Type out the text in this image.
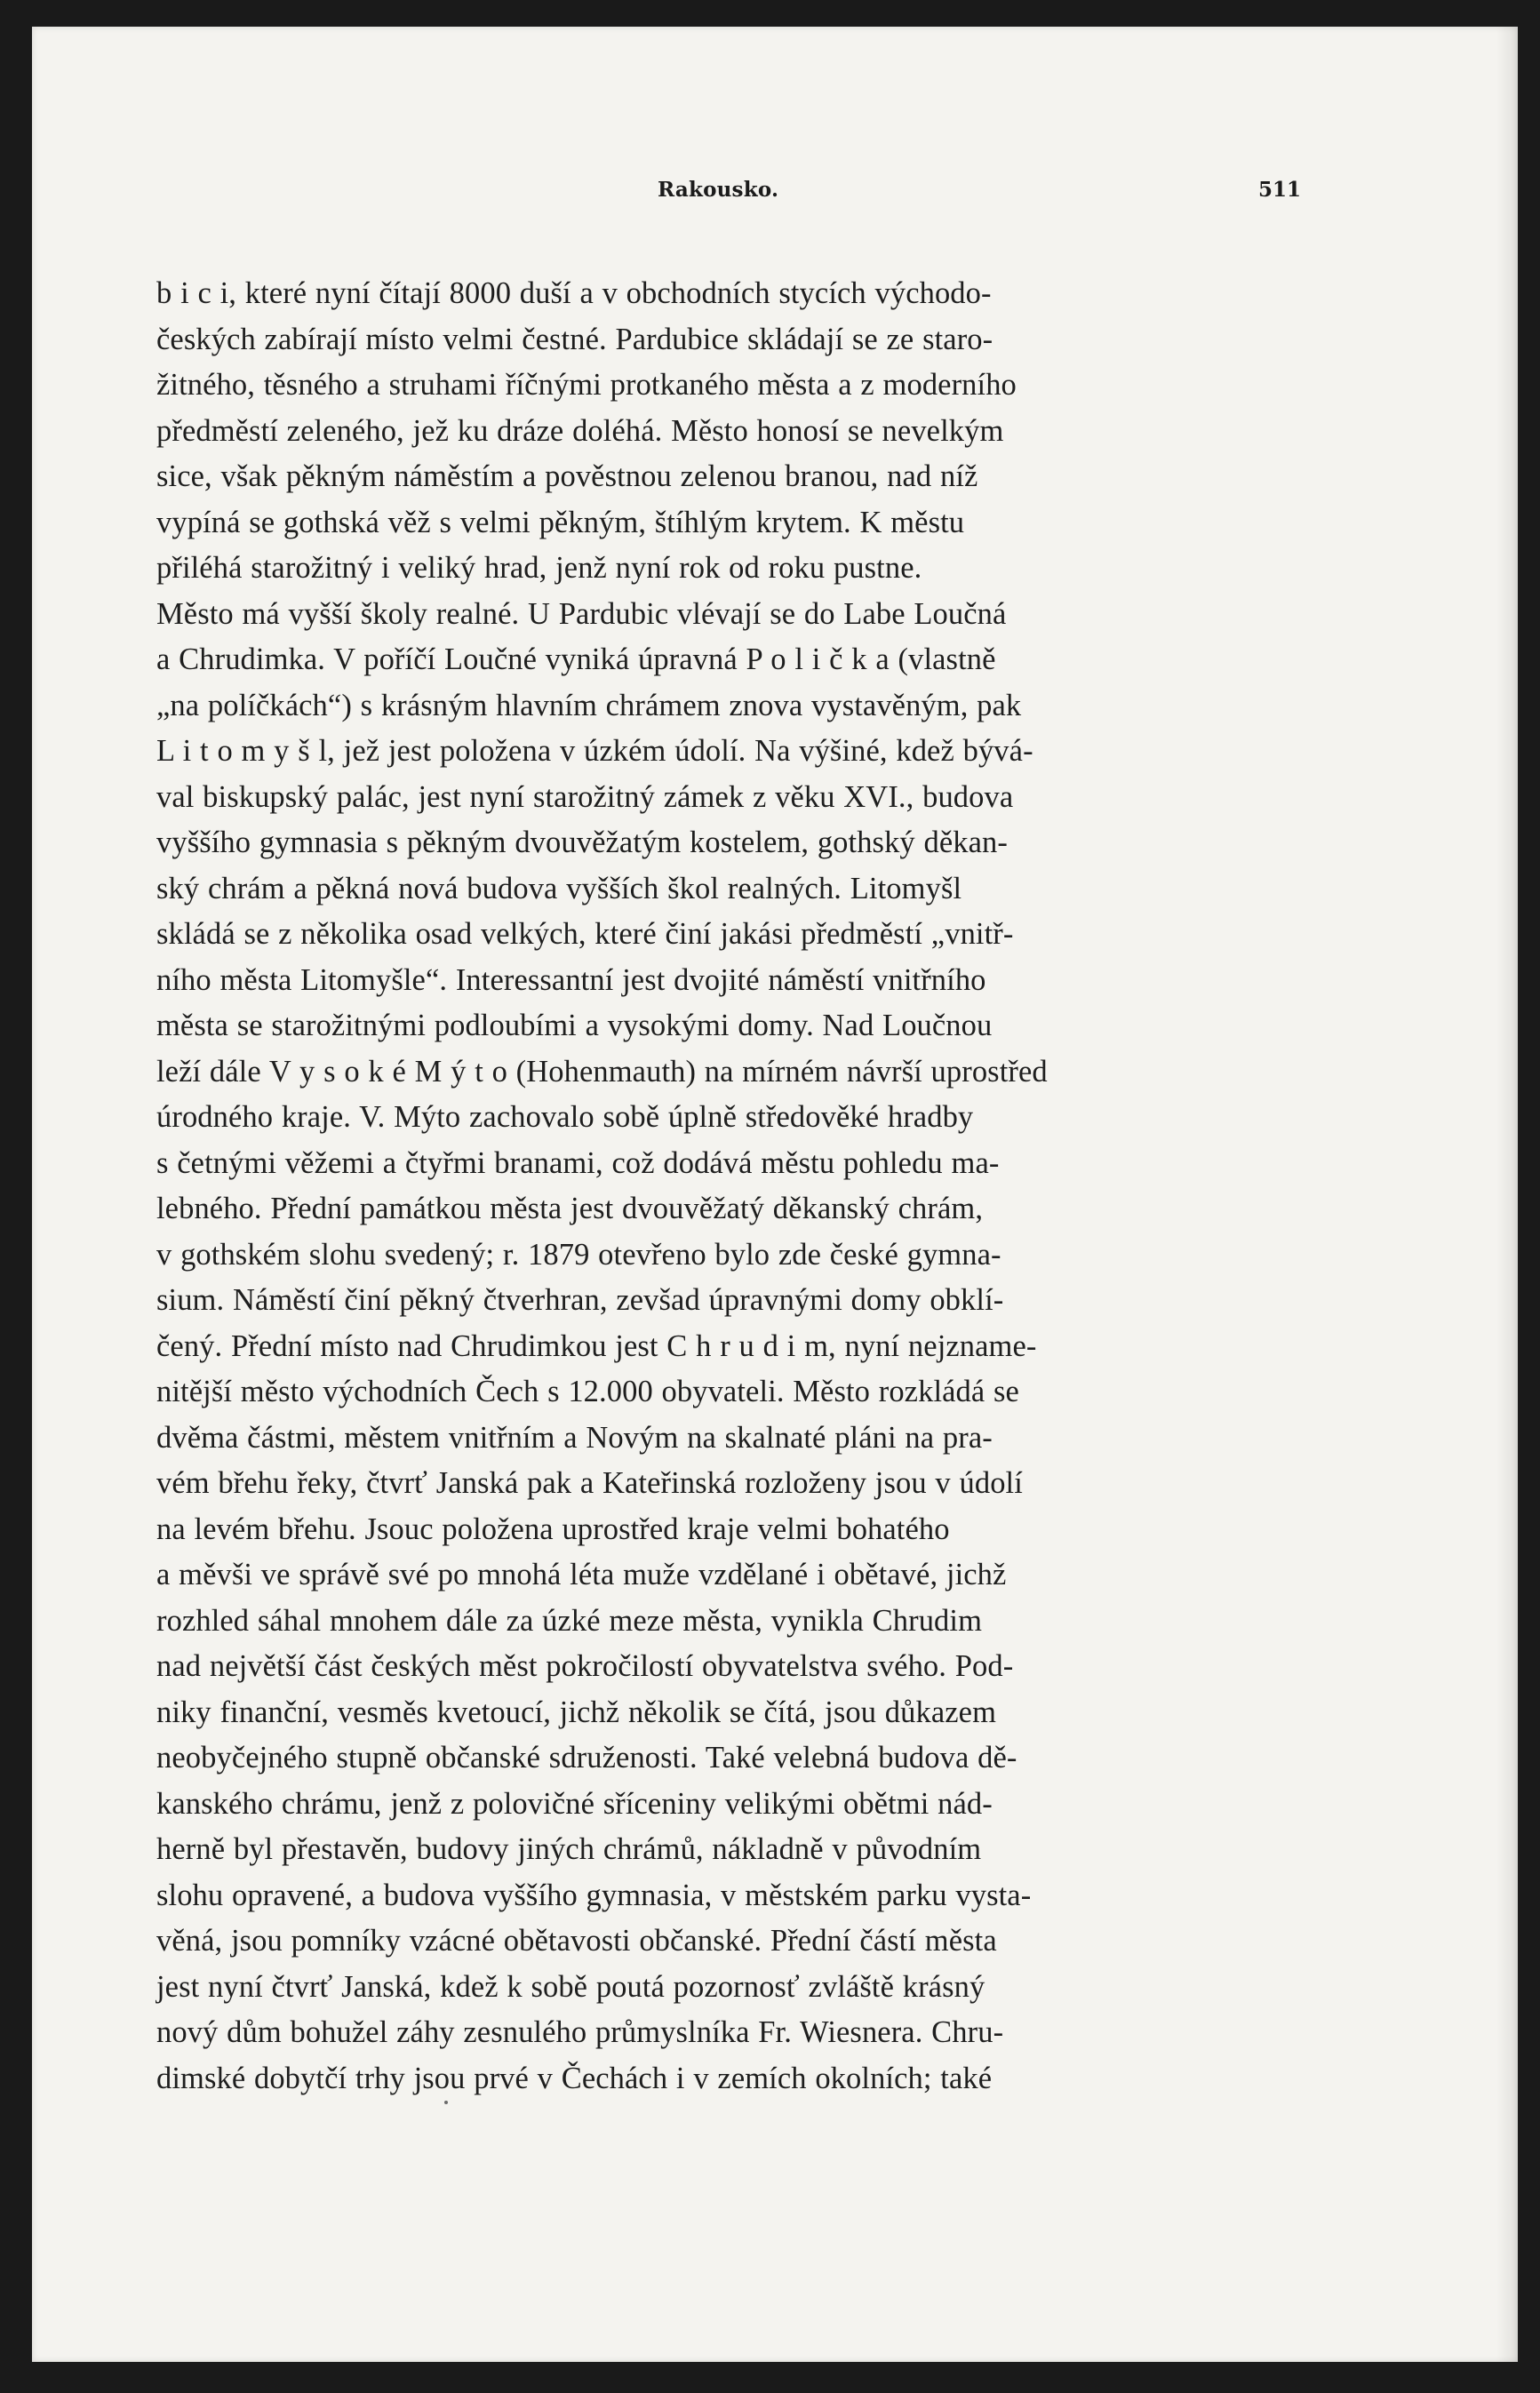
Rakousko.	511
b i c i, které nyní čítají 8000 duší a v obchodních stycích východo-
českých zabírají místo velmi čestné. Pardubice skládají se ze staro-
žitného, těsného a struhami říčnými protkaného města a z moderního
předměstí zeleného, jež ku dráze doléhá. Město honosí se nevelkým
sice, však pěkným náměstím a pověstnou zelenou branou, nad níž
vypíná se gothská věž s velmi pěkným, štíhlým krytem. K městu
přiléhá starožitný i veliký hrad, jenž nyní rok od roku pustne.
Město má vyšší školy realné. U Pardubic vlévají se do Labe Loučná
a Chrudimka. V poříčí Loučné vyniká úpravná P o l i č k a (vlastně
„na políčkách“) s krásným hlavním chrámem znova vystavěným, pak
L i t o m y š l, jež jest položena v úzkém údolí. Na výšiné, kdež bývá-
val biskupský palác, jest nyní starožitný zámek z věku XVI., budova
vyššího gymnasia s pěkným dvouvěžatým kostelem, gothský děkan-
ský chrám a pěkná nová budova vyšších škol realných. Litomyšl
skládá se z několika osad velkých, které činí jakási předměstí „vnitř-
ního města Litomyšle“. Interessantní jest dvojité náměstí vnitřního
města se starožitnými podloubími a vysokými domy. Nad Loučnou
leží dále V y s o k é M ý t o (Hohenmauth) na mírném návrší uprostřed
úrodného kraje. V. Mýto zachovalo sobě úplně středověké hradby
s četnými věžemi a čtyřmi branami, což dodává městu pohledu ma-
lebného. Přední památkou města jest dvouvěžatý děkanský chrám,
v gothském slohu svedený; r. 1879 otevřeno bylo zde české gymna-
sium. Náměstí činí pěkný čtverhran, zevšad úpravnými domy obklí-
čený. Přední místo nad Chrudimkou jest C h r u d i m, nyní nejzname-
nitější město východních Čech s 12.000 obyvateli. Město rozkládá se
dvěma částmi, městem vnitřním a Novým na skalnaté pláni na pra-
vém břehu řeky, čtvrť Janská pak a Kateřinská rozloženy jsou v údolí
na levém břehu. Jsouc položena uprostřed kraje velmi bohatého
a měvši ve správě své po mnohá léta muže vzdělané i obětavé, jichž
rozhled sáhal mnohem dále za úzké meze města, vynikla Chrudim
nad největší část českých měst pokročilostí obyvatelstva svého. Pod-
niky finanční, vesměs kvetoucí, jichž několik se čítá, jsou důkazem
neobyčejného stupně občanské sdruženosti. Také velebná budova dě-
kanského chrámu, jenž z polovičné sříceniny velikými obětmi nád-
herně byl přestavěn, budovy jiných chrámů, nákladně v původním
slohu opravené, a budova vyššího gymnasia, v městském parku vysta-
věná, jsou pomníky vzácné obětavosti občanské. Přední částí města
jest nyní čtvrť Janská, kdež k sobě poutá pozornosť zvláště krásný
nový dům bohužel záhy zesnulého průmyslníka Fr. Wiesnera. Chru-
dimské dobytčí trhy jsou prvé v Čechách i v zemích okolních; také
